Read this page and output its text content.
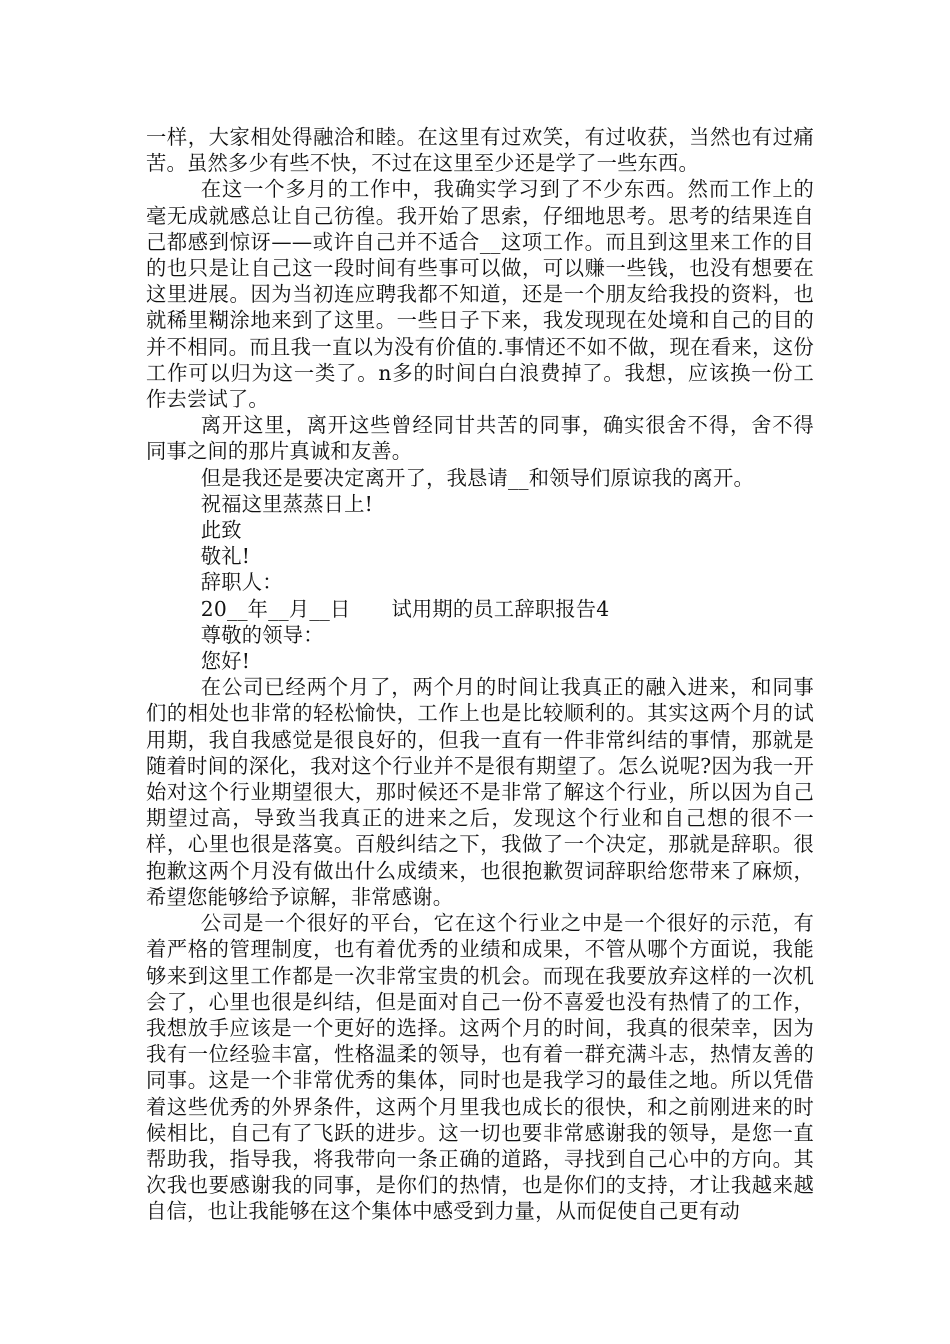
一样，大家相处得融洽和睦。在这里有过欢笑，有过收获，当然也有过痛苦。虽然多少有些不快，不过在这里至少还是学了一些东西。

在这一个多月的工作中，我确实学习到了不少东西。然而工作上的毫无成就感总让自己彷徨。我开始了思索，仔细地思考。思考的结果连自己都感到惊讶——或许自己并不适合__这项工作。而且到这里来工作的目的也只是让自己这一段时间有些事可以做，可以赚一些钱，也没有想要在这里进展。因为当初连应聘我都不知道，还是一个朋友给我投的资料，也就稀里糊涂地来到了这里。一些日子下来，我发现现在处境和自己的目的并不相同。而且我一直以为没有价值的.事情还不如不做，现在看来，这份工作可以归为这一类了。n多的时间白白浪费掉了。我想，应该换一份工作去尝试了。

离开这里，离开这些曾经同甘共苦的同事，确实很舍不得，舍不得同事之间的那片真诚和友善。

但是我还是要决定离开了，我恳请__和领导们原谅我的离开。

祝福这里蒸蒸日上!

此致

敬礼!

辞职人：

20__年__月__日　　试用期的员工辞职报告4

尊敬的领导：

您好!

在公司已经两个月了，两个月的时间让我真正的融入进来，和同事们的相处也非常的轻松愉快，工作上也是比较顺利的。其实这两个月的试用期，我自我感觉是很良好的，但我一直有一件非常纠结的事情，那就是随着时间的深化，我对这个行业并不是很有期望了。怎么说呢?因为我一开始对这个行业期望很大，那时候还不是非常了解这个行业，所以因为自己期望过高，导致当我真正的进来之后，发现这个行业和自己想的很不一样，心里也很是落寞。百般纠结之下，我做了一个决定，那就是辞职。很抱歉这两个月没有做出什么成绩来，也很抱歉贺词辞职给您带来了麻烦，希望您能够给予谅解，非常感谢。

公司是一个很好的平台，它在这个行业之中是一个很好的示范，有着严格的管理制度，也有着优秀的业绩和成果，不管从哪个方面说，我能够来到这里工作都是一次非常宝贵的机会。而现在我要放弃这样的一次机会了，心里也很是纠结，但是面对自己一份不喜爱也没有热情了的工作，我想放手应该是一个更好的选择。这两个月的时间，我真的很荣幸，因为我有一位经验丰富，性格温柔的领导，也有着一群充满斗志，热情友善的同事。这是一个非常优秀的集体，同时也是我学习的最佳之地。所以凭借着这些优秀的外界条件，这两个月里我也成长的很快，和之前刚进来的时候相比，自己有了飞跃的进步。这一切也要非常感谢我的领导，是您一直帮助我，指导我，将我带向一条正确的道路，寻找到自己心中的方向。其次我也要感谢我的同事，是你们的热情，也是你们的支持，才让我越来越自信，也让我能够在这个集体中感受到力量，从而促使自己更有动
